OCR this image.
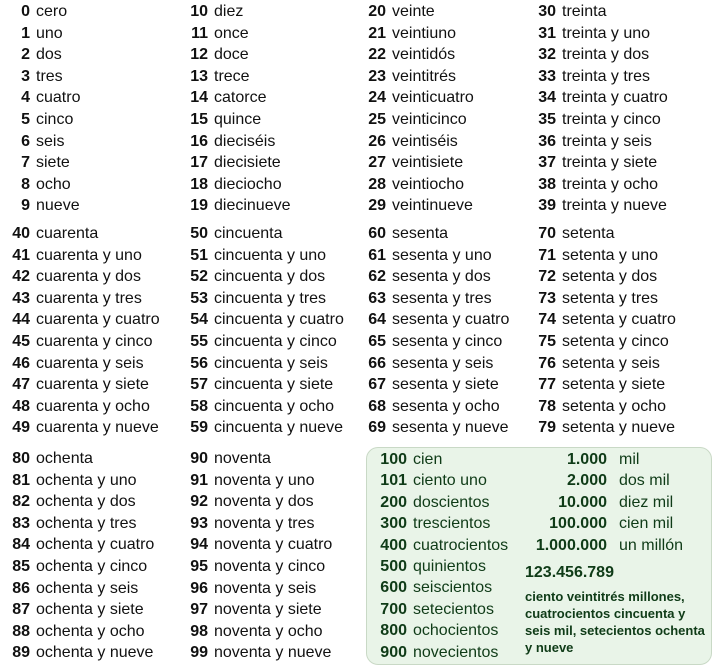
0 cero
1 uno
2 dos
3 tres
4 cuatro
5 cinco
6 seis
7 siete
8 ocho
9 nueve
10 diez
11 once
12 doce
13 trece
14 catorce
15 quince
16 dieciséis
17 diecisiete
18 dieciocho
19 diecinueve
20 veinte
21 veintiuno
22 veintidós
23 veintitrés
24 veinticuatro
25 veinticinco
26 veintiséis
27 veintisiete
28 veintiocho
29 veintinueve
30 treinta
31 treinta y uno
32 treinta y dos
33 treinta y tres
34 treinta y cuatro
35 treinta y cinco
36 treinta y seis
37 treinta y siete
38 treinta y ocho
39 treinta y nueve
40 cuarenta
41 cuarenta y uno
42 cuarenta y dos
43 cuarenta y tres
44 cuarenta y cuatro
45 cuarenta y cinco
46 cuarenta y seis
47 cuarenta y siete
48 cuarenta y ocho
49 cuarenta y nueve
50 cincuenta
51 cincuenta y uno
52 cincuenta y dos
53 cincuenta y tres
54 cincuenta y cuatro
55 cincuenta y cinco
56 cincuenta y seis
57 cincuenta y siete
58 cincuenta y ocho
59 cincuenta y nueve
60 sesenta
61 sesenta y uno
62 sesenta y dos
63 sesenta y tres
64 sesenta y cuatro
65 sesenta y cinco
66 sesenta y seis
67 sesenta y siete
68 sesenta y ocho
69 sesenta y nueve
70 setenta
71 setenta y uno
72 setenta y dos
73 setenta y tres
74 setenta y cuatro
75 setenta y cinco
76 setenta y seis
77 setenta y siete
78 setenta y ocho
79 setenta y nueve
80 ochenta
81 ochenta y uno
82 ochenta y dos
83 ochenta y tres
84 ochenta y cuatro
85 ochenta y cinco
86 ochenta y seis
87 ochenta y siete
88 ochenta y ocho
89 ochenta y nueve
90 noventa
91 noventa y uno
92 noventa y dos
93 noventa y tres
94 noventa y cuatro
95 noventa y cinco
96 noventa y seis
97 noventa y siete
98 noventa y ocho
99 noventa y nueve
100 cien
101 ciento uno
200 doscientos
300 trescientos
400 cuatrocientos
500 quinientos
600 seiscientos
700 setecientos
800 ochocientos
900 novecientos
1.000 mil
2.000 dos mil
10.000 diez mil
100.000 cien mil
1.000.000 un millón
123.456.789
ciento veintitrés millones, cuatrocientos cincuenta y seis mil, setecientos ochenta y nueve
